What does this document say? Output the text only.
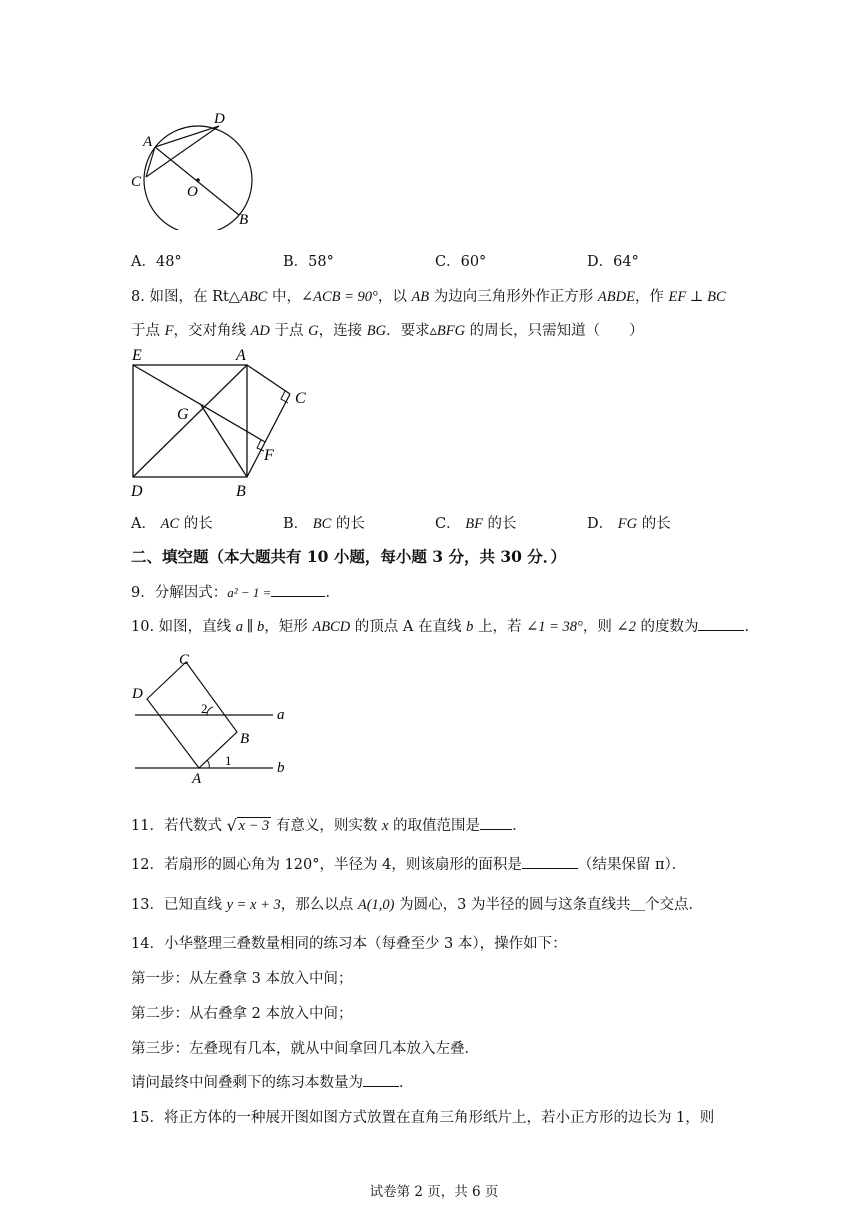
D
A
C
O
B
A．48°	B．58°	C．60°	D．64°
8. 如图，在 Rt△ABC 中，∠ACB = 90°，以 AB 为边向三角形外作正方形 ABDE，作 EF ⊥ BC
于点 F，交对角线 AD 于点 G，连接 BG．要求▵BFG 的周长，只需知道（　　）
E	A
C
G
F
D	B
A． AC 的长	B． BC 的长	C． BF 的长	D． FG 的长
二、填空题（本大题共有 10 小题，每小题 3 分，共 30 分．）
9．分解因式：a² − 1 =	．
10. 如图，直线 a ∥ b，矩形 ABCD 的顶点 A 在直线 b 上，若 ∠1 = 38°，则 ∠2 的度数为	．
C
D
2	a
B
A
1	b
11．若代数式 √ x − 3 有意义，则实数 x 的取值范围是 ．
12．若扇形的圆心角为 120°，半径为 4，则该扇形的面积是	（结果保留 π）．
13．已知直线 y = x + 3，那么以点 A(1,0) 为圆心，3 为半径的圆与这条直线共＿个交点．
14．小华整理三叠数量相同的练习本（每叠至少 3 本），操作如下：
第一步：从左叠拿 3 本放入中间；
第二步：从右叠拿 2 本放入中间；
第三步：左叠现有几本，就从中间拿回几本放入左叠．
请问最终中间叠剩下的练习本数量为 ．
15．将正方体的一种展开图如图方式放置在直角三角形纸片上，若小正方形的边长为 1，则
试卷第 2 页，共 6 页
